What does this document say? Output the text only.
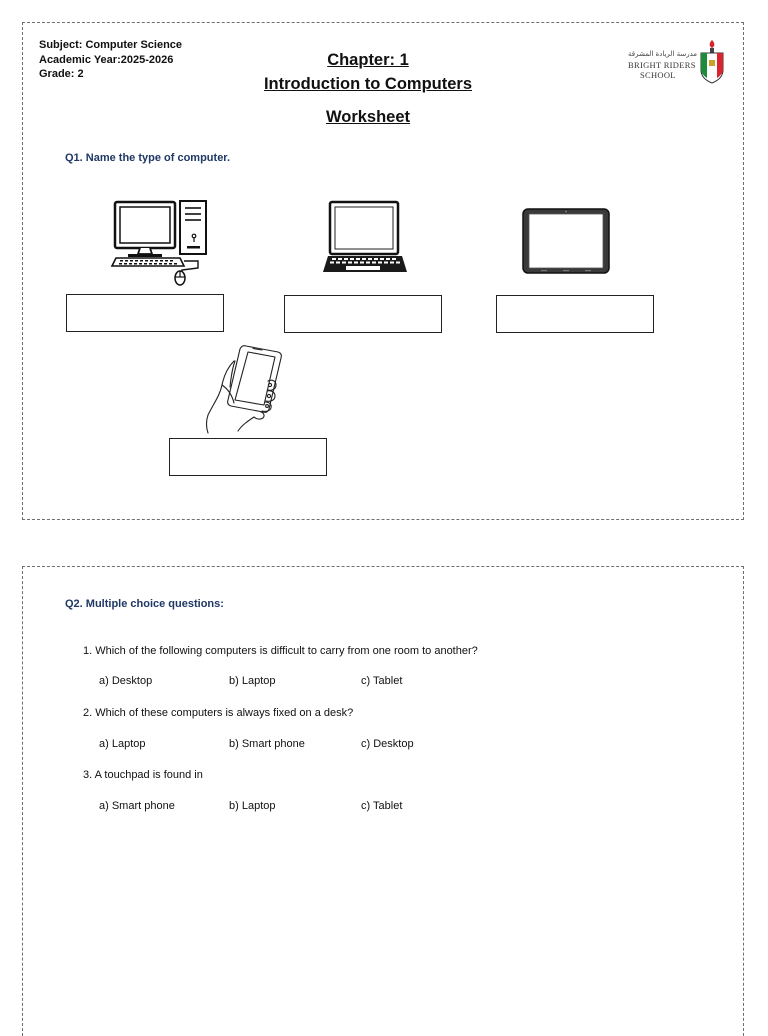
Subject: Computer Science
Academic Year:2025-2026
Grade: 2
Chapter: 1
Introduction to Computers
Worksheet
مدرسة الريادة المشرقة
BRIGHT RIDERS
SCHOOL
Q1. Name the type of computer.
Q2. Multiple choice questions:
1. Which of the following computers is difficult to carry from one room to another?
a) Desktop	b) Laptop	c) Tablet
2. Which of these computers is always fixed on a desk?
a) Laptop	b) Smart phone	c) Desktop
3. A touchpad is found in
a) Smart phone	b) Laptop	c) Tablet
